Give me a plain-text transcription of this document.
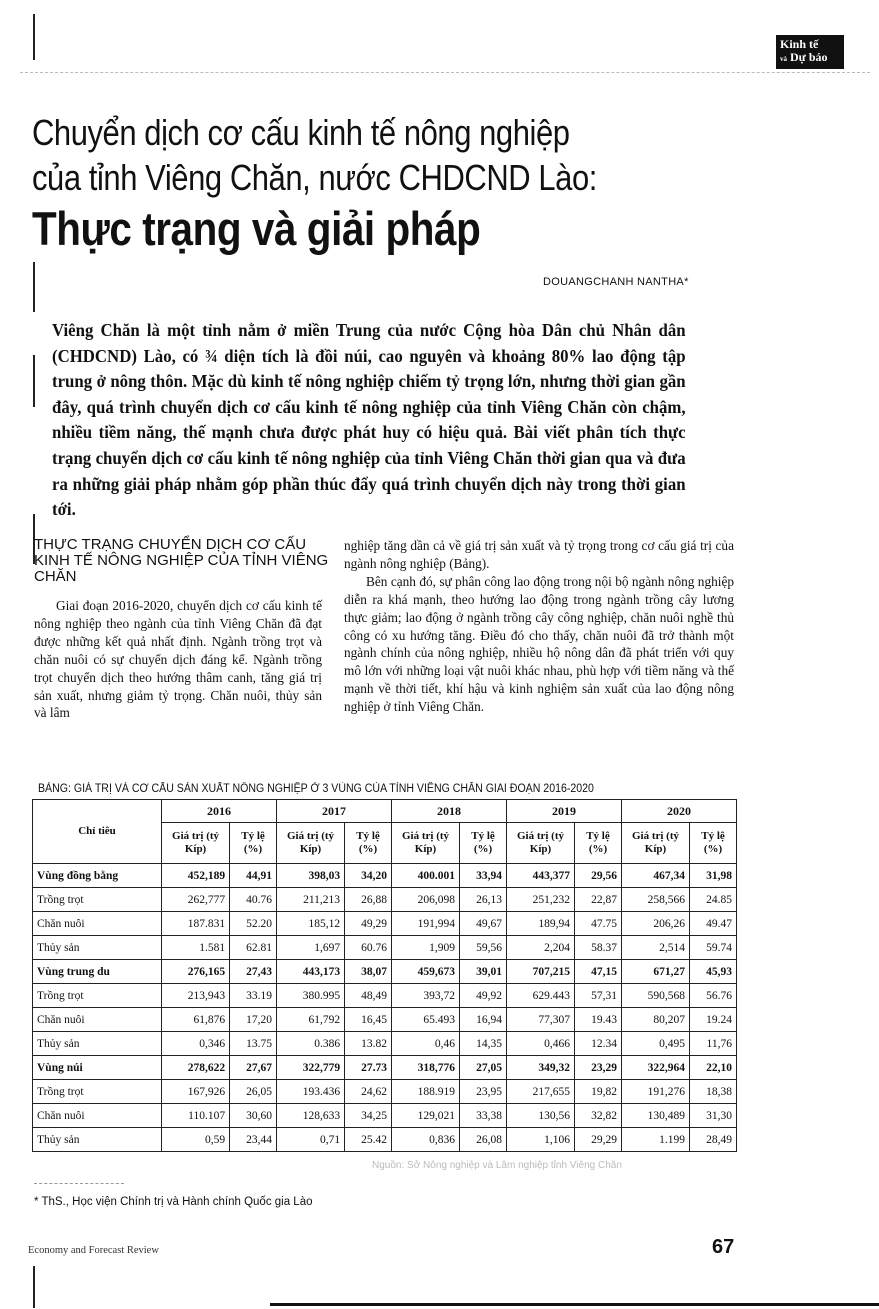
Kinh tế
và Dự báo
Chuyển dịch cơ cấu kinh tế nông nghiệp
của tỉnh Viêng Chăn, nước CHDCND Lào:
Thực trạng và giải pháp
DOUANGCHANH NANTHA*
Viêng Chăn là một tỉnh nằm ở miền Trung của nước Cộng hòa Dân chủ Nhân dân (CHDCND) Lào, có ¾ diện tích là đồi núi, cao nguyên và khoảng 80% lao động tập trung ở nông thôn. Mặc dù kinh tế nông nghiệp chiếm tỷ trọng lớn, nhưng thời gian gần đây, quá trình chuyển dịch cơ cấu kinh tế nông nghiệp của tỉnh Viêng Chăn còn chậm, nhiều tiềm năng, thế mạnh chưa được phát huy có hiệu quả. Bài viết phân tích thực trạng chuyển dịch cơ cấu kinh tế nông nghiệp của tỉnh Viêng Chăn thời gian qua và đưa ra những giải pháp nhằm góp phần thúc đẩy quá trình chuyển dịch này trong thời gian tới.
THỰC TRẠNG CHUYỂN DỊCH CƠ CẤU KINH TẾ NÔNG NGHIỆP CỦA TỈNH VIÊNG CHĂN
Giai đoạn 2016-2020, chuyển dịch cơ cấu kinh tế nông nghiệp theo ngành của tỉnh Viêng Chăn đã đạt được những kết quả nhất định. Ngành trồng trọt và chăn nuôi có sự chuyển dịch đáng kể. Ngành trồng trọt chuyển dịch theo hướng thâm canh, tăng giá trị sản xuất, nhưng giảm tỷ trọng. Chăn nuôi, thủy sản và lâm
nghiệp tăng dần cả về giá trị sản xuất và tỷ trọng trong cơ cấu giá trị của ngành nông nghiệp (Bảng).
Bên cạnh đó, sự phân công lao động trong nội bộ ngành nông nghiệp diễn ra khá mạnh, theo hướng lao động trong ngành trồng cây lương thực giảm; lao động ở ngành trồng cây công nghiệp, chăn nuôi nghề thủ công có xu hướng tăng. Điều đó cho thấy, chăn nuôi đã trở thành một ngành chính của nông nghiệp, nhiều hộ nông dân đã phát triển với quy mô lớn với những loại vật nuôi khác nhau, phù hợp với tiềm năng và thế mạnh về thời tiết, khí hậu và kinh nghiệm sản xuất của lao động nông nghiệp ở tỉnh Viêng Chăn.
BẢNG: GIÁ TRỊ VÀ CƠ CẤU SẢN XUẤT NÔNG NGHIỆP Ở 3 VÙNG CỦA TỈNH VIÊNG CHĂN GIAI ĐOẠN 2016-2020
Chỉ tiêu	2016		2017		2018		2019		2020	
	Giá trị (tỷ Kíp)	Tỷ lệ (%)	Giá trị (tỷ Kíp)	Tỷ lệ (%)	Giá trị (tỷ Kíp)	Tỷ lệ (%)	Giá trị (tỷ Kíp)	Tỷ lệ (%)	Giá trị (tỷ Kíp)	Tỷ lệ (%)
Vùng đồng bằng	452,189	44,91	398,03	34,20	400.001	33,94	443,377	29,56	467,34	31,98
Trồng trọt	262,777	40.76	211,213	26,88	206,098	26,13	251,232	22,87	258,566	24.85
Chăn nuôi	187.831	52.20	185,12	49,29	191,994	49,67	189,94	47.75	206,26	49.47
Thủy sản	1.581	62.81	1,697	60.76	1,909	59,56	2,204	58.37	2,514	59.74
Vùng trung du	276,165	27,43	443,173	38,07	459,673	39,01	707,215	47,15	671,27	45,93
Trồng trọt	213,943	33.19	380.995	48,49	393,72	49,92	629.443	57,31	590,568	56.76
Chăn nuôi	61,876	17,20	61,792	16,45	65.493	16,94	77,307	19.43	80,207	19.24
Thủy sản	0,346	13.75	0.386	13.82	0,46	14,35	0,466	12.34	0,495	11,76
Vùng núi	278,622	27,67	322,779	27.73	318,776	27,05	349,32	23,29	322,964	22,10
Trồng trọt	167,926	26,05	193.436	24,62	188.919	23,95	217,655	19,82	191,276	18,38
Chăn nuôi	110.107	30,60	128,633	34,25	129,021	33,38	130,56	32,82	130,489	31,30
Thủy sản	0,59	23,44	0,71	25.42	0,836	26,08	1,106	29,29	1.199	28,49
Nguồn: Sở Nông nghiệp và Lâm nghiệp tỉnh Viêng Chăn
* ThS., Học viện Chính trị và Hành chính Quốc gia Lào
Economy and Forecast Review	67
